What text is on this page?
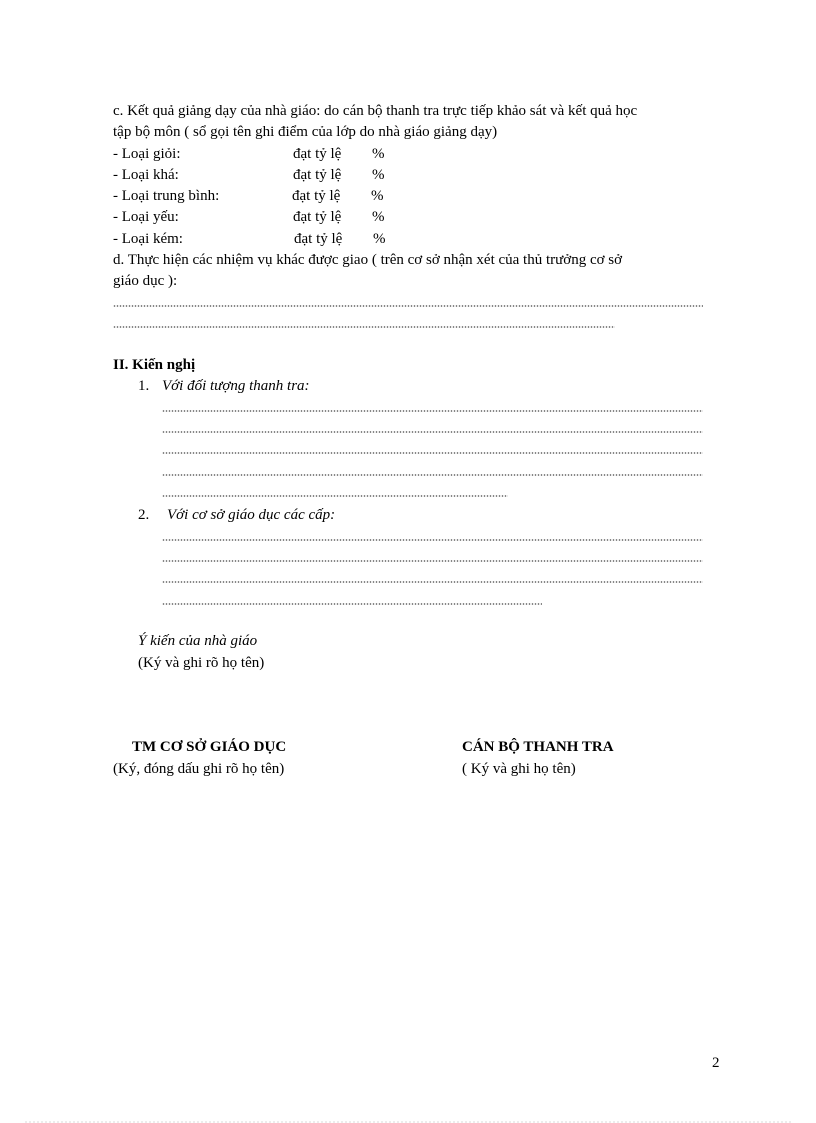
c. Kết quả giảng dạy của nhà giáo: do cán bộ thanh tra trực tiếp khảo sát và kết quả học
tập bộ môn ( sổ gọi tên ghi điểm của lớp do nhà giáo giảng dạy)
- Loại giỏi:	đạt tỷ lệ %
- Loại khá:	đạt tỷ lệ %
- Loại trung bình:	đạt tỷ lệ %
- Loại yếu:	đạt tỷ lệ %
- Loại kém:	đạt tỷ lệ %
d. Thực hiện các nhiệm vụ khác được giao ( trên cơ sở nhận xét của thủ trưởng cơ sở
giáo dục ):
II. Kiến nghị
1. Với đối tượng thanh tra:
2. Với cơ sở giáo dục các cấp:
Ý kiến của nhà giáo
(Ký và ghi rõ họ tên)
TM CƠ SỞ GIÁO DỤC
(Ký, đóng dấu ghi rõ họ tên)
CÁN BỘ THANH TRA
( Ký và ghi họ tên)
2
